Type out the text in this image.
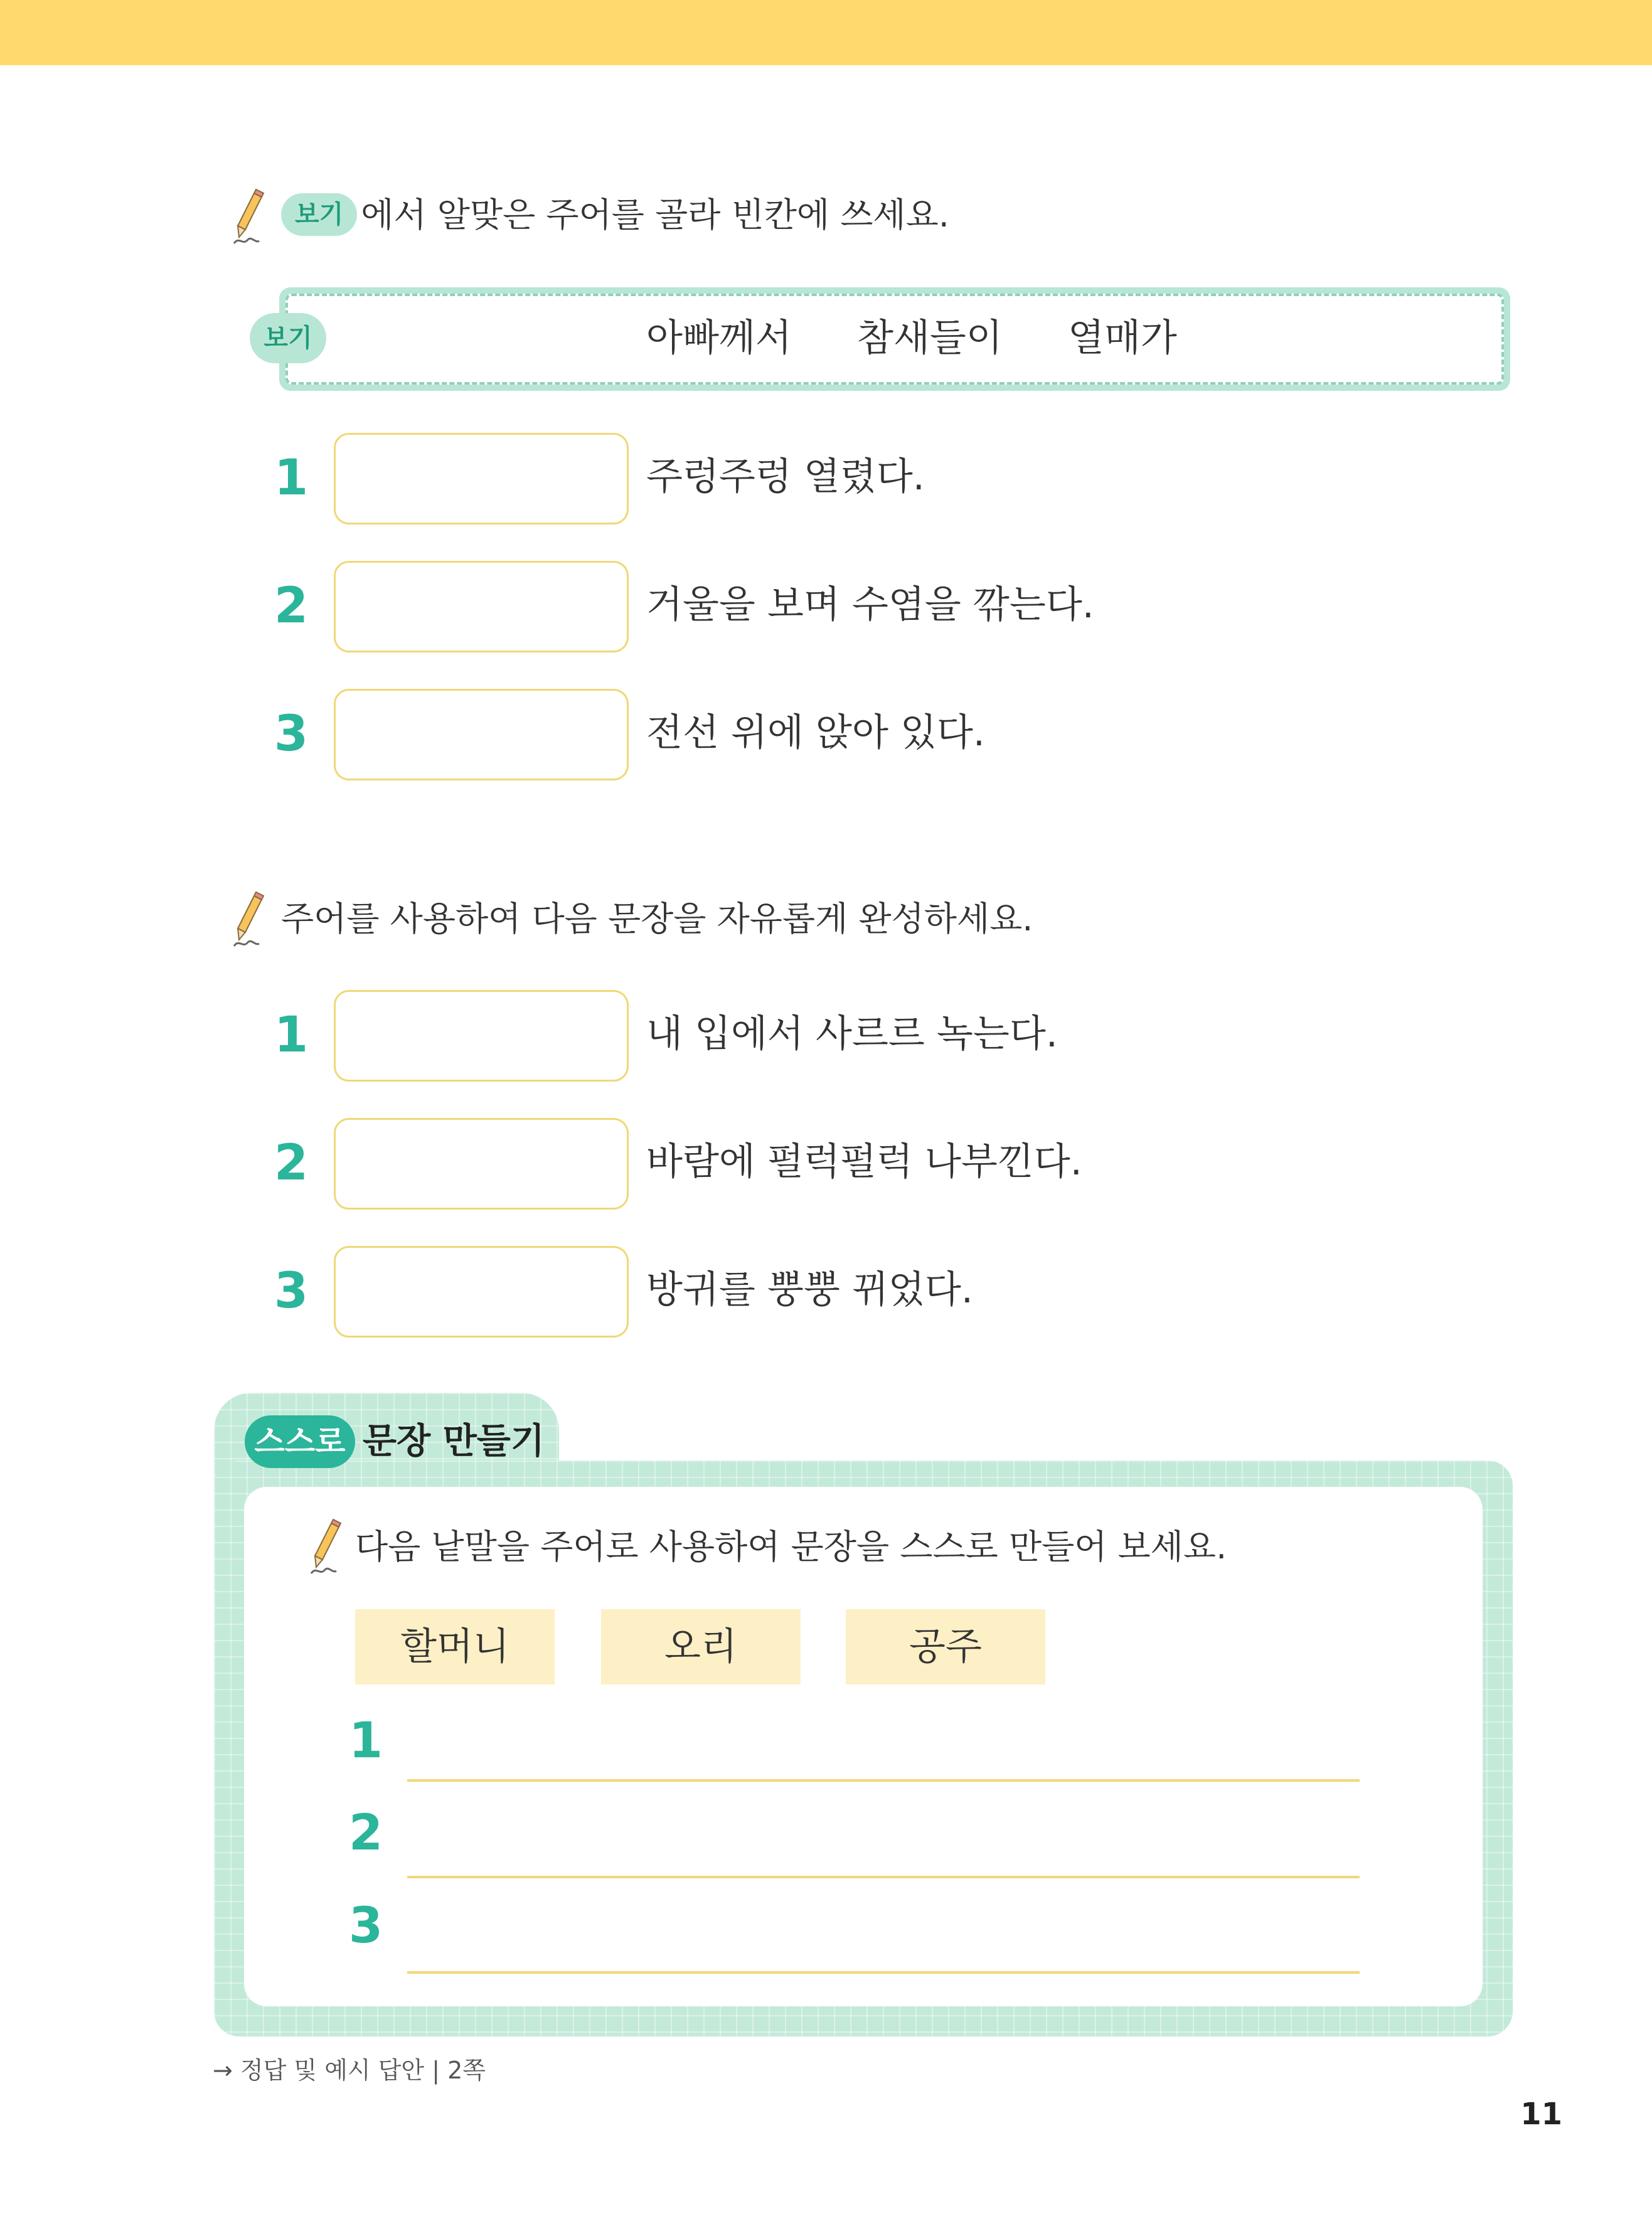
보기 에서 알맞은 주어를 골라 빈칸에 쓰세요.
보기	아빠께서 참새들이 열매가
1	주렁주렁 열렸다.
2	거울을 보며 수염을 깎는다.
3	전선 위에 앉아 있다.
주어를 사용하여 다음 문장을 자유롭게 완성하세요.
1	내 입에서 사르르 녹는다.
2	바람에 펄럭펄럭 나부낀다.
3	방귀를 뿡뿡 뀌었다.
스스로 문장 만들기
다음 낱말을 주어로 사용하여 문장을 스스로 만들어 보세요.
할머니	오리	공주
1
2
3
→ 정답 및 예시 답안 | 2쪽
11
